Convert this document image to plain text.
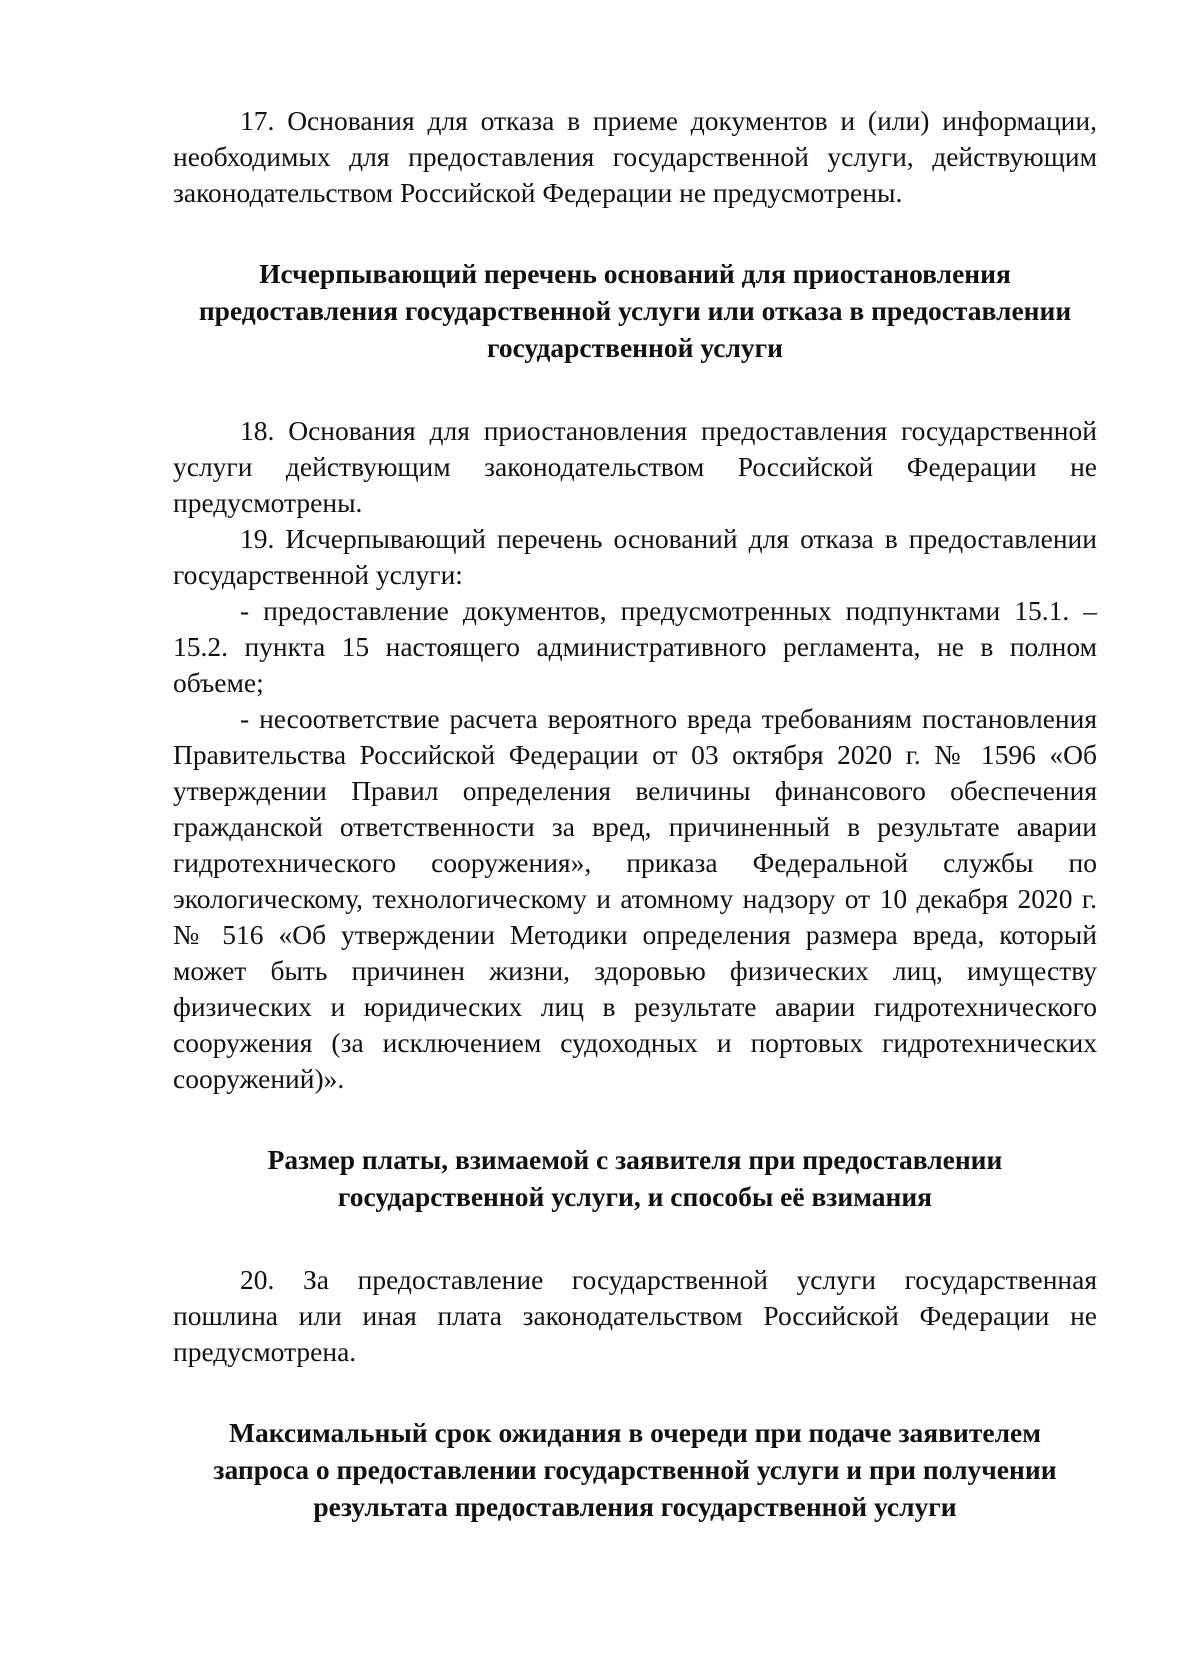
17. Основания для отказа в приеме документов и (или) информации, необходимых для предоставления государственной услуги, действующим законодательством Российской Федерации не предусмотрены.

Исчерпывающий перечень оснований для приостановления
предоставления государственной услуги или отказа в предоставлении
государственной услуги

18. Основания для приостановления предоставления государственной услуги действующим законодательством Российской Федерации не предусмотрены.

19. Исчерпывающий перечень оснований для отказа в предоставлении государственной услуги:

- предоставление документов, предусмотренных подпунктами 15.1. – 15.2. пункта 15 настоящего административного регламента, не в полном объеме;

- несоответствие расчета вероятного вреда требованиям постановления Правительства Российской Федерации от 03 октября 2020 г. № 1596 «Об утверждении Правил определения величины финансового обеспечения гражданской ответственности за вред, причиненный в результате аварии гидротехнического сооружения», приказа Федеральной службы по экологическому, технологическому и атомному надзору от 10 декабря 2020 г. № 516 «Об утверждении Методики определения размера вреда, который может быть причинен жизни, здоровью физических лиц, имуществу физических и юридических лиц в результате аварии гидротехнического сооружения (за исключением судоходных и портовых гидротехнических сооружений)».

Размер платы, взимаемой с заявителя при предоставлении
государственной услуги, и способы её взимания

20. За предоставление государственной услуги государственная пошлина или иная плата законодательством Российской Федерации не предусмотрена.

Максимальный срок ожидания в очереди при подаче заявителем
запроса о предоставлении государственной услуги и при получении
результата предоставления государственной услуги
